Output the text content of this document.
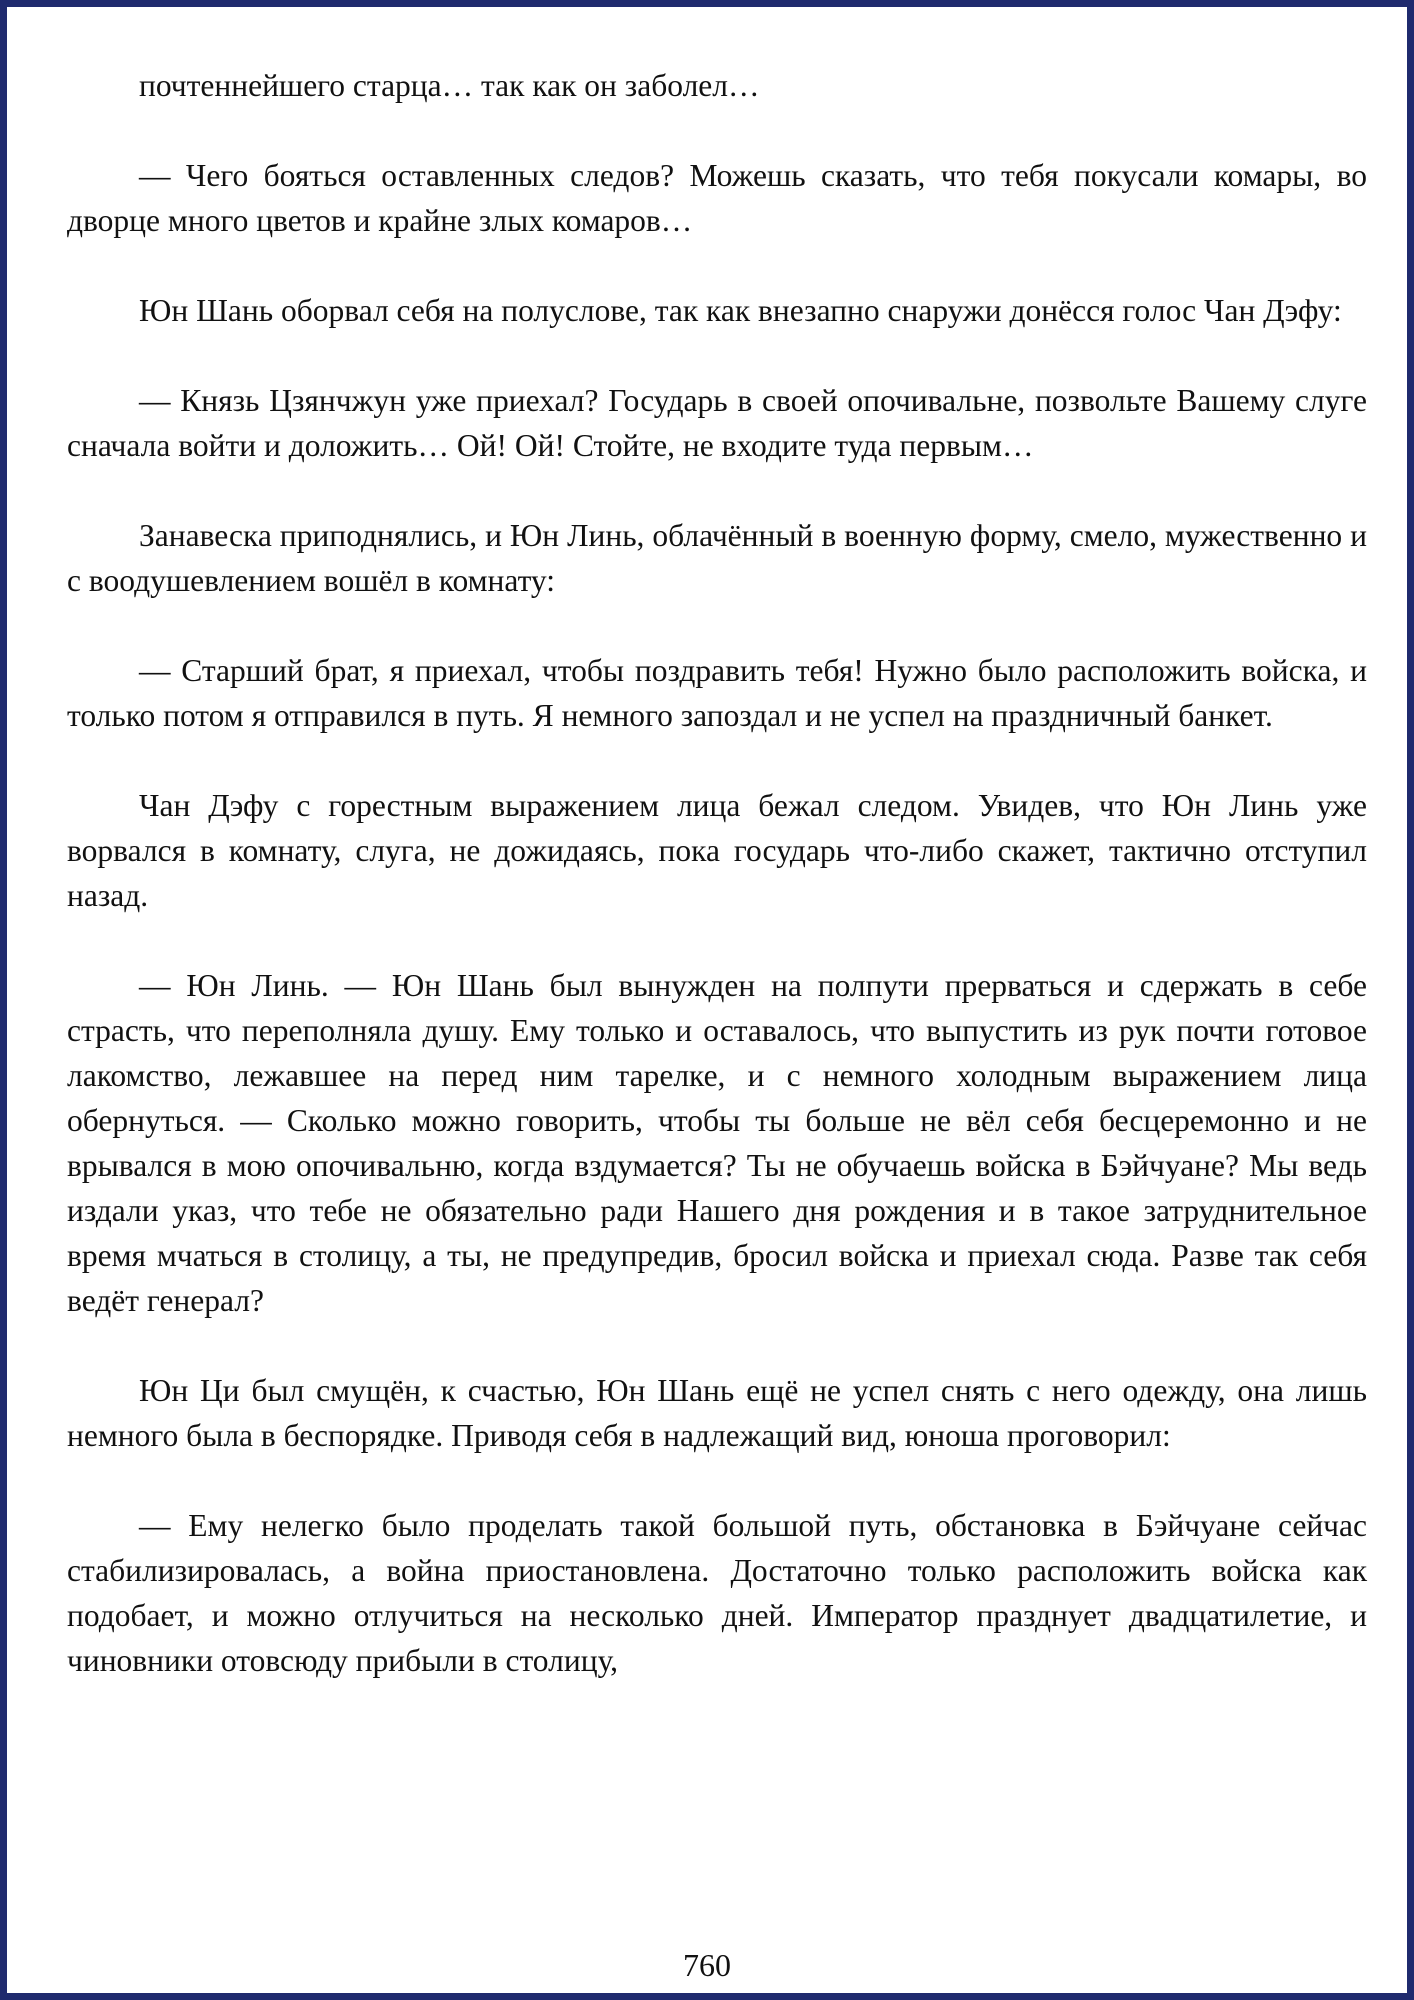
почтеннейшего старца… так как он заболел…

— Чего бояться оставленных следов? Можешь сказать, что тебя покусали комары, во дворце много цветов и крайне злых комаров…

Юн Шань оборвал себя на полуслове, так как внезапно снаружи донёсся голос Чан Дэфу:

— Князь Цзянчжун уже приехал? Государь в своей опочивальне, позвольте Вашему слуге сначала войти и доложить… Ой! Ой! Стойте, не входите туда первым…

Занавеска приподнялись, и Юн Линь, облачённый в военную форму, смело, мужественно и с воодушевлением вошёл в комнату:

— Старший брат, я приехал, чтобы поздравить тебя! Нужно было расположить войска, и только потом я отправился в путь. Я немного запоздал и не успел на праздничный банкет.

Чан Дэфу с горестным выражением лица бежал следом. Увидев, что Юн Линь уже ворвался в комнату, слуга, не дожидаясь, пока государь что-либо скажет, тактично отступил назад.

— Юн Линь. — Юн Шань был вынужден на полпути прерваться и сдержать в себе страсть, что переполняла душу. Ему только и оставалось, что выпустить из рук почти готовое лакомство, лежавшее на перед ним тарелке, и с немного холодным выражением лица обернуться. — Сколько можно говорить, чтобы ты больше не вёл себя бесцеремонно и не врывался в мою опочивальню, когда вздумается? Ты не обучаешь войска в Бэйчуане? Мы ведь издали указ, что тебе не обязательно ради Нашего дня рождения и в такое затруднительное время мчаться в столицу, а ты, не предупредив, бросил войска и приехал сюда. Разве так себя ведёт генерал?

Юн Ци был смущён, к счастью, Юн Шань ещё не успел снять с него одежду, она лишь немного была в беспорядке. Приводя себя в надлежащий вид, юноша проговорил:

— Ему нелегко было проделать такой большой путь, обстановка в Бэйчуане сейчас стабилизировалась, а война приостановлена. Достаточно только расположить войска как подобает, и можно отлучиться на несколько дней. Император празднует двадцатилетие, и чиновники отовсюду прибыли в столицу,

760
